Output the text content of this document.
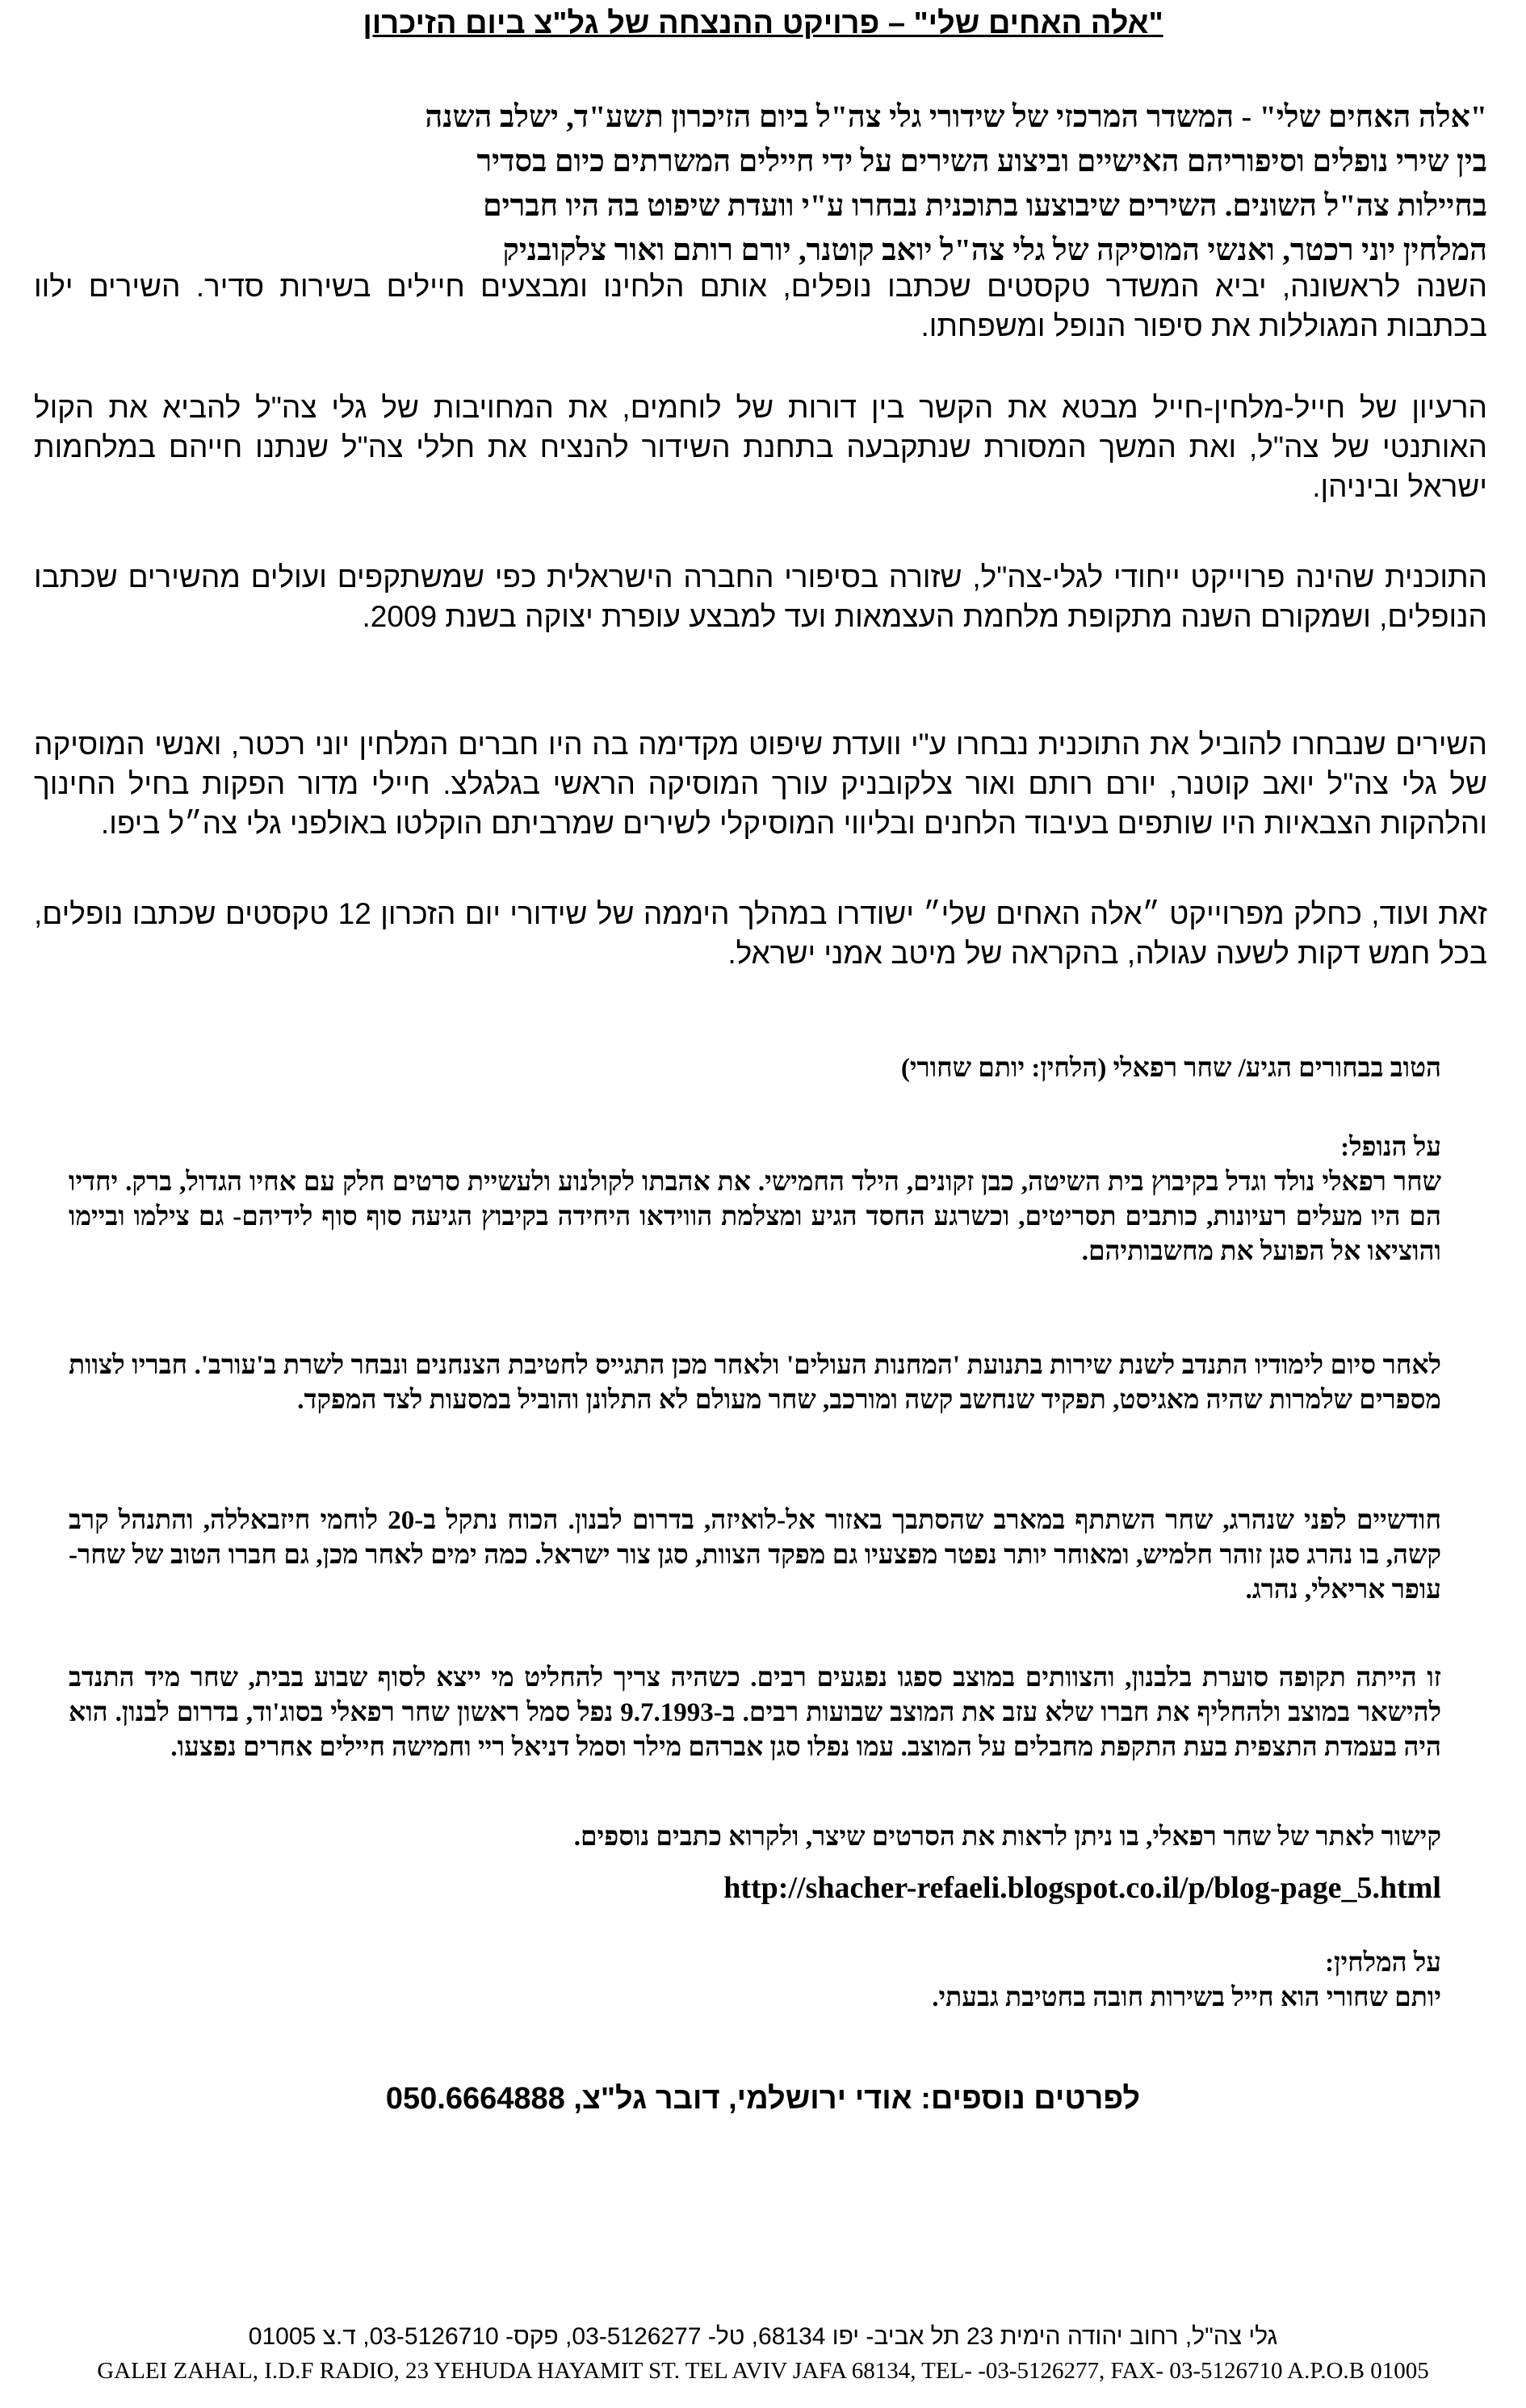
"אלה האחים שלי" – פרויקט ההנצחה של גל"צ ביום הזיכרון
"אלה האחים שלי" - המשדר המרכזי של שידורי גלי צה"ל ביום הזיכרון תשע"ד, ישלב השנה
בין שירי נופלים וסיפוריהם האישיים וביצוע השירים על ידי חיילים המשרתים כיום בסדיר
בחיילות צה"ל השונים. השירים שיבוצעו בתוכנית נבחרו ע"י וועדת שיפוט בה היו חברים
המלחין יוני רכטר, ואנשי המוסיקה של גלי צה"ל יואב קוטנר, יורם רותם ואור צלקובניק
השנה לראשונה, יביא המשדר טקסטים שכתבו נופלים, אותם הלחינו ומבצעים חיילים בשירות סדיר. השירים ילוו בכתבות המגוללות את סיפור הנופל ומשפחתו.
הרעיון של חייל-מלחין-חייל מבטא את הקשר בין דורות של לוחמים, את המחויבות של גלי צה"ל להביא את הקול האותנטי של צה"ל, ואת המשך המסורת שנתקבעה בתחנת השידור להנציח את חללי צה"ל שנתנו חייהם במלחמות ישראל וביניהן.
התוכנית שהינה פרוייקט ייחודי לגלי-צה"ל, שזורה בסיפורי החברה הישראלית כפי שמשתקפים ועולים מהשירים שכתבו הנופלים, ושמקורם השנה מתקופת מלחמת העצמאות ועד למבצע עופרת יצוקה בשנת 2009.
השירים שנבחרו להוביל את התוכנית נבחרו ע"י וועדת שיפוט מקדימה בה היו חברים המלחין יוני רכטר, ואנשי המוסיקה של גלי צה"ל יואב קוטנר, יורם רותם ואור צלקובניק עורך המוסיקה הראשי בגלגלצ. חיילי מדור הפקות בחיל החינוך והלהקות הצבאיות היו שותפים בעיבוד הלחנים ובליווי המוסיקלי לשירים שמרביתם הוקלטו באולפני גלי צה״ל ביפו.
זאת ועוד, כחלק מפרוייקט ״אלה האחים שלי״ ישודרו במהלך היממה של שידורי יום הזכרון 12 טקסטים שכתבו נופלים, בכל חמש דקות לשעה עגולה, בהקראה של מיטב אמני ישראל.
הטוב בבחורים הגיע/ שחר רפאלי (הלחין: יותם שחורי)
על הנופל:
שחר רפאלי נולד וגדל בקיבוץ בית השיטה, כבן זקונים, הילד החמישי. את אהבתו לקולנוע ולעשיית סרטים חלק עם אחיו הגדול, ברק. יחדיו הם היו מעלים רעיונות, כותבים תסריטים, וכשרגע החסד הגיע ומצלמת הווידאו היחידה בקיבוץ הגיעה סוף סוף לידיהם- גם צילמו וביימו והוציאו אל הפועל את מחשבותיהם.
לאחר סיום לימודיו התנדב לשנת שירות בתנועת 'המחנות העולים' ולאחר מכן התגייס לחטיבת הצנחנים ונבחר לשרת ב'עורב'. חבריו לצוות מספרים שלמרות שהיה מאגיסט, תפקיד שנחשב קשה ומורכב, שחר מעולם לא התלונן והוביל במסעות לצד המפקד.
חודשיים לפני שנהרג, שחר השתתף במארב שהסתבך באזור אל-לואיזה, בדרום לבנון. הכוח נתקל ב-20 לוחמי חיזבאללה, והתנהל קרב קשה, בו נהרג סגן זוהר חלמיש, ומאוחר יותר נפטר מפצעיו גם מפקד הצוות, סגן צור ישראל. כמה ימים לאחר מכן, גם חברו הטוב של שחר- עופר אריאלי, נהרג.
זו הייתה תקופה סוערת בלבנון, והצוותים במוצב ספגו נפגעים רבים. כשהיה צריך להחליט מי ייצא לסוף שבוע בבית, שחר מיד התנדב להישאר במוצב ולהחליף את חברו שלא עזב את המוצב שבועות רבים. ב-9.7.1993 נפל סמל ראשון שחר רפאלי בסוג'וד, בדרום לבנון. הוא היה בעמדת התצפית בעת התקפת מחבלים על המוצב. עמו נפלו סגן אברהם מילר וסמל דניאל ריי וחמישה חיילים אחרים נפצעו.
קישור לאתר של שחר רפאלי, בו ניתן לראות את הסרטים שיצר, ולקרוא כתבים נוספים.
http://shacher-refaeli.blogspot.co.il/p/blog-page_5.html
על המלחין:
יותם שחורי הוא חייל בשירות חובה בחטיבת גבעתי.
לפרטים נוספים: אודי ירושלמי, דובר גל"צ, 050.6664888
גלי צה"ל, רחוב יהודה הימית 23 תל אביב- יפו 68134, טל- 03-5126277, פקס- 03-5126710, ד.צ 01005
GALEI ZAHAL, I.D.F RADIO, 23 YEHUDA HAYAMIT ST. TEL AVIV JAFA 68134, TEL- -03-5126277, FAX- 03-5126710 A.P.O.B 01005
